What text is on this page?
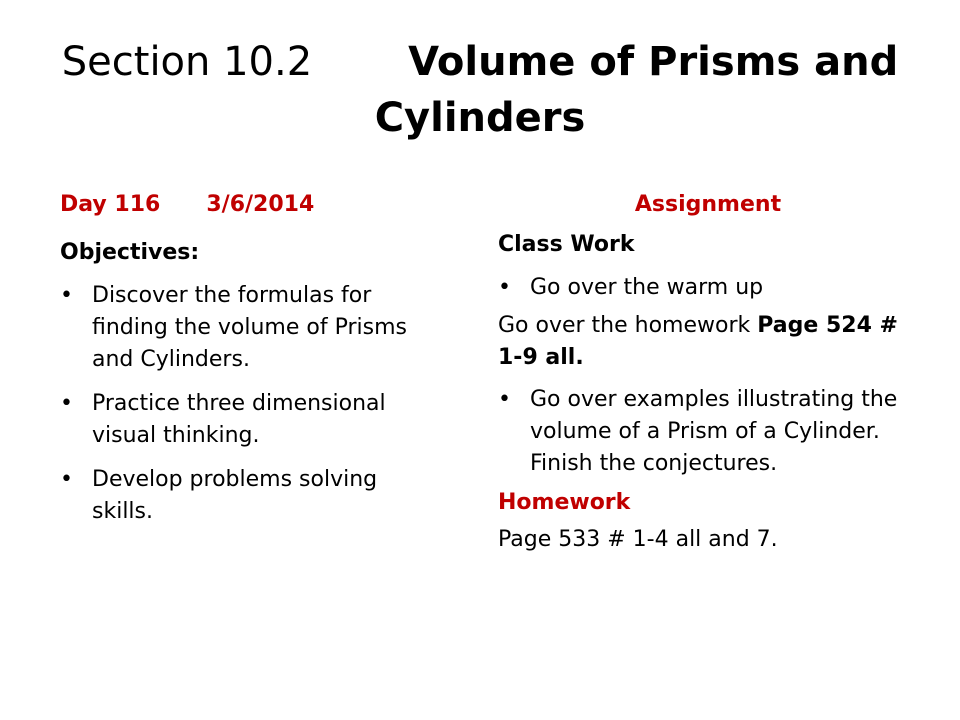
Section 10.2 Volume of Prisms and Cylinders
Day 116 3/6/2014
Objectives:
• Discover the formulas for finding the volume of Prisms and Cylinders.
• Practice three dimensional visual thinking.
• Develop problems solving skills.
Assignment
Class Work
• Go over the warm up
Go over the homework Page 524 # 1-9 all.
• Go over examples illustrating the volume of a Prism of a Cylinder. Finish the conjectures.
Homework
Page 533 # 1-4 all and 7.
